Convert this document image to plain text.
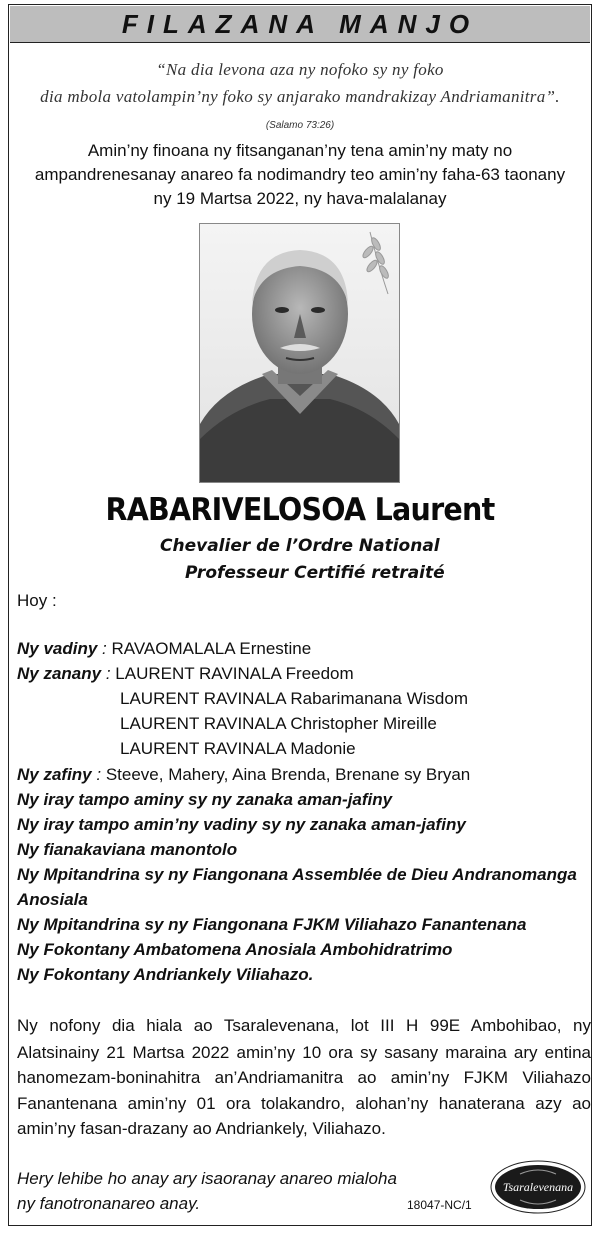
FILAZANA MANJO
“Na dia levona aza ny nofoko sy ny foko
dia mbola vatolampin’ny foko sy anjarako mandrakizay Andriamanitra”.
(Salamo 73:26)
Amin’ny finoana ny fitsanganan’ny tena amin’ny maty no
ampandrenesanay anareo fa nodimandry teo amin’ny faha-63 taonany
ny 19 Martsa 2022, ny hava-malalanay
RABARIVELOSOA Laurent
Chevalier de l’Ordre National
Professeur Certifié retraité
Hoy :
Ny vadiny : RAVAOMALALA Ernestine
Ny zanany : LAURENT RAVINALA Freedom
LAURENT RAVINALA Rabarimanana Wisdom
LAURENT RAVINALA Christopher Mireille
LAURENT RAVINALA Madonie
Ny zafiny : Steeve, Mahery, Aina Brenda, Brenane sy Bryan
Ny iray tampo aminy sy ny zanaka aman-jafiny
Ny iray tampo amin’ny vadiny sy ny zanaka aman-jafiny
Ny fianakaviana manontolo
Ny Mpitandrina sy ny Fiangonana Assemblée de Dieu Andranomanga
Anosiala
Ny Mpitandrina sy ny Fiangonana FJKM Viliahazo Fanantenana
Ny Fokontany Ambatomena Anosiala Ambohidratrimo
Ny Fokontany Andriankely Viliahazo.
Ny nofony dia hiala ao Tsaralevenana, lot III H 99E Ambohibao, ny
Alatsinainy 21 Martsa 2022 amin’ny 10 ora sy sasany maraina ary entina
hanomezam-boninahitra an’Andriamanitra ao amin’ny FJKM Viliahazo
Fanantenana amin’ny 01 ora tolakandro, alohan’ny hanaterana azy ao
amin’ny fasan-drazany ao Andriankely, Viliahazo.
Hery lehibe ho anay ary isaoranay anareo mialoha
ny fanotronanareo anay.	18047-NC/1
Tsaralevenana
